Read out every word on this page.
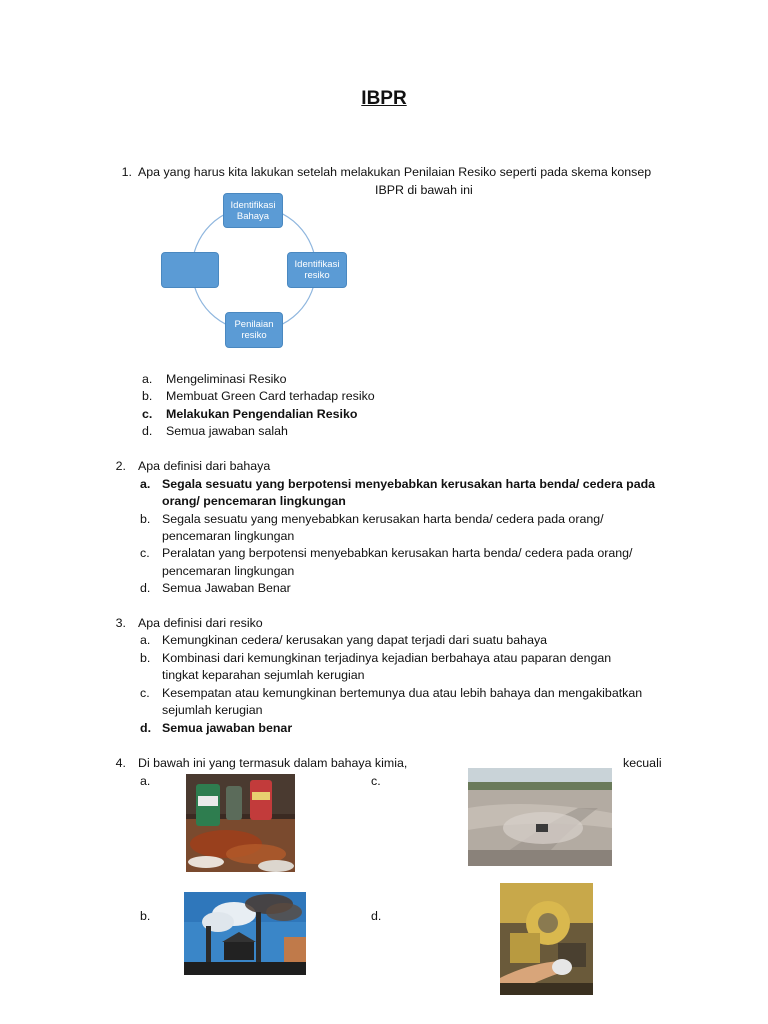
IBPR
1. Apa yang harus kita lakukan setelah melakukan Penilaian Resiko seperti pada skema konsep
IBPR di bawah ini
Identifikasi
Bahaya
Identifikasi
resiko
Penilaian
resiko
a. Mengeliminasi Resiko
b. Membuat Green Card terhadap resiko
c. Melakukan Pengendalian Resiko
d. Semua jawaban salah
2. Apa definisi dari bahaya
a. Segala sesuatu yang berpotensi menyebabkan kerusakan harta benda/ cedera pada
orang/ pencemaran lingkungan
b. Segala sesuatu yang menyebabkan kerusakan harta benda/ cedera pada orang/
pencemaran lingkungan
c. Peralatan yang berpotensi menyebabkan kerusakan harta benda/ cedera pada orang/
pencemaran lingkungan
d. Semua Jawaban Benar
3. Apa definisi dari resiko
a. Kemungkinan cedera/ kerusakan yang dapat terjadi dari suatu bahaya
b. Kombinasi dari kemungkinan terjadinya kejadian berbahaya atau paparan dengan
tingkat keparahan sejumlah kerugian
c. Kesempatan atau kemungkinan bertemunya dua atau lebih bahaya dan mengakibatkan
sejumlah kerugian
d. Semua jawaban benar
4. Di bawah ini yang termasuk dalam bahaya kimia,	kecuali
a.	c.
b.	d.
